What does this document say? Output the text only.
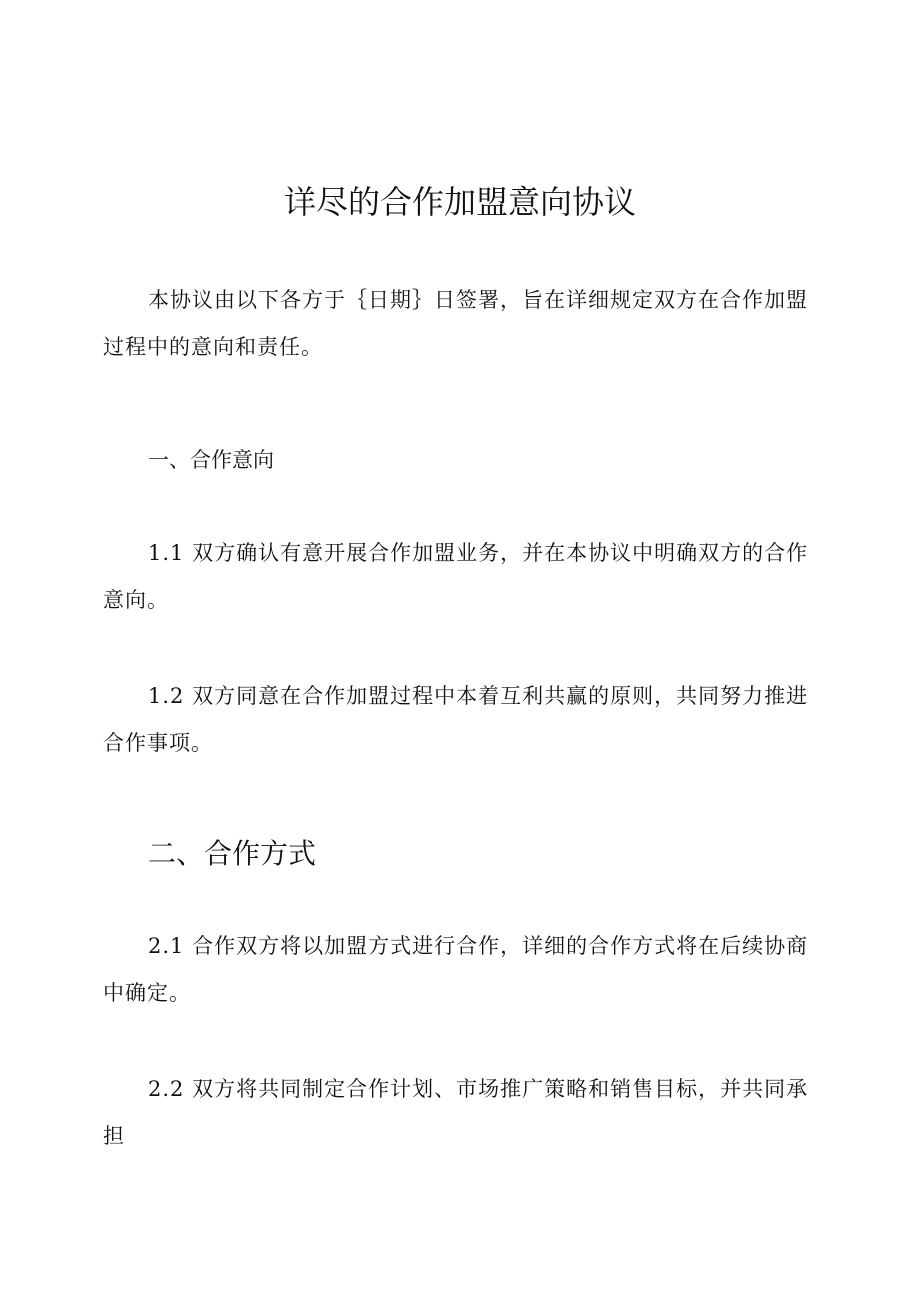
详尽的合作加盟意向协议
本协议由以下各方于｛日期｝日签署，旨在详细规定双方在合作加盟过程中的意向和责任。
一、合作意向
1.1 双方确认有意开展合作加盟业务，并在本协议中明确双方的合作意向。
1.2 双方同意在合作加盟过程中本着互利共赢的原则，共同努力推进合作事项。
二、合作方式
2.1 合作双方将以加盟方式进行合作，详细的合作方式将在后续协商中确定。
2.2 双方将共同制定合作计划、市场推广策略和销售目标，并共同承担
